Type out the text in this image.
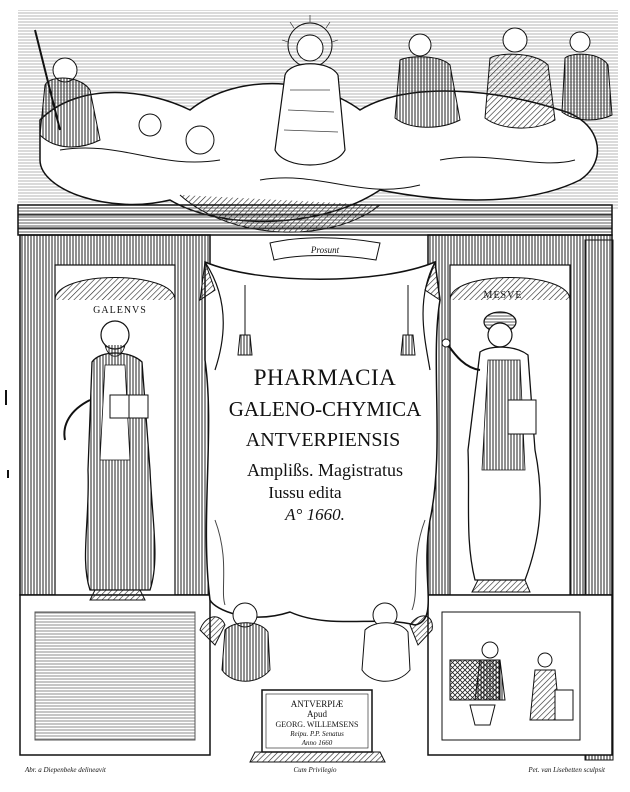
GALENVS
MESVE
Prosunt
PHARMACIA
GALENO-CHYMICA
ANTVERPIENSIS
Amplißs. Magistratus
Iussu edita
A° 1660.
ANTVERPIÆ
Apud
GEORG. WILLEMSENS
Reipu. P.P. Senatus
Anno 1660
Abr. a Diepenbeke delineavit	Cum Privilegio	Pet. van Lisebetten sculpsit
